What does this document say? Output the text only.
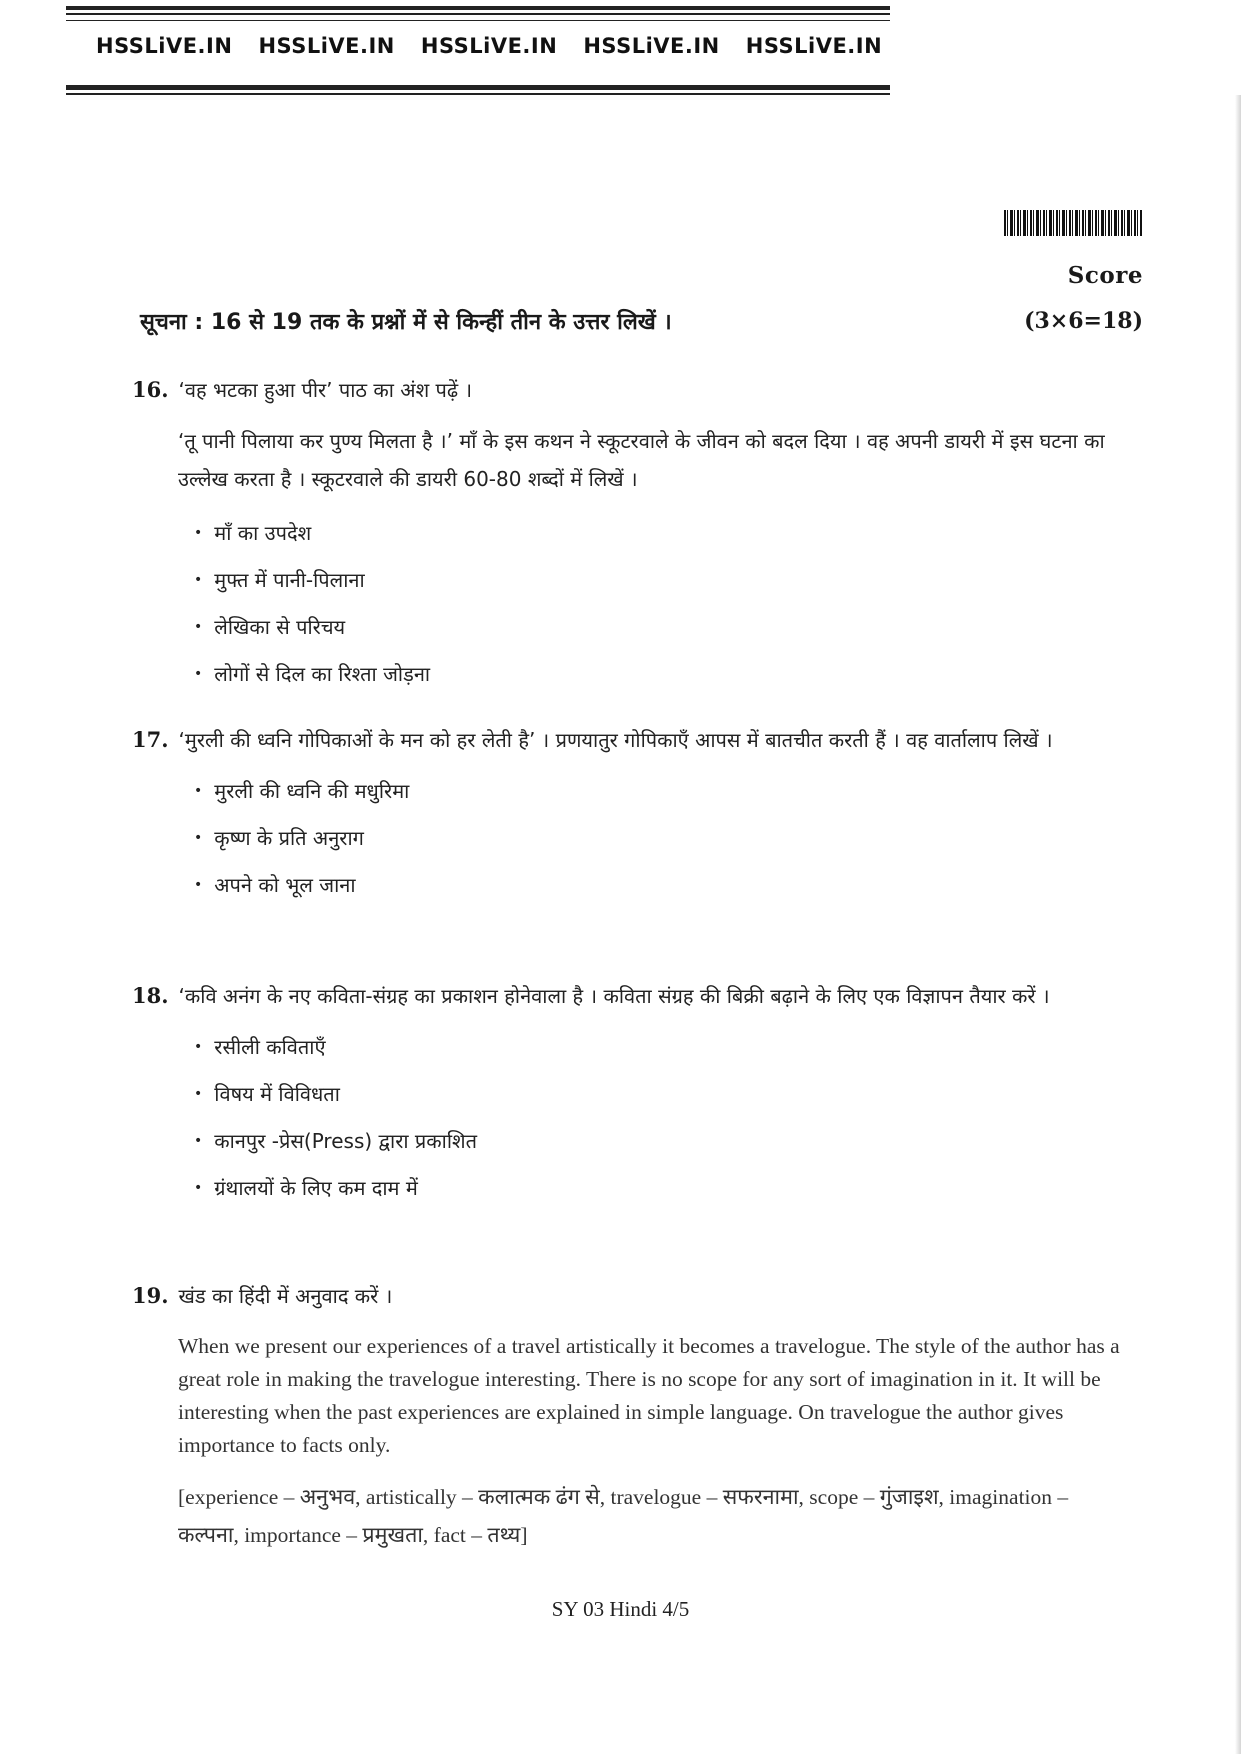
HSSLiVE.IN HSSLiVE.IN HSSLiVE.IN HSSLiVE.IN HSSLiVE.IN
Score
(3×6=18)
सूचना : 16 से 19 तक के प्रश्नों में से किन्हीं तीन के उत्तर लिखें ।
16. ‘वह भटका हुआ पीर’ पाठ का अंश पढ़ें ।
‘तू पानी पिलाया कर पुण्य मिलता है ।’ माँ के इस कथन ने स्कूटरवाले के जीवन को बदल दिया । वह अपनी डायरी में इस घटना का उल्लेख करता है । स्कूटरवाले की डायरी 60-80 शब्दों में लिखें ।
• माँ का उपदेश
• मुफ्त में पानी-पिलाना
• लेखिका से परिचय
• लोगों से दिल का रिश्ता जोड़ना
17. ‘मुरली की ध्वनि गोपिकाओं के मन को हर लेती है’ । प्रणयातुर गोपिकाएँ आपस में बातचीत करती हैं । वह वार्तालाप लिखें ।
• मुरली की ध्वनि की मधुरिमा
• कृष्ण के प्रति अनुराग
• अपने को भूल जाना
18. ‘कवि अनंग के नए कविता-संग्रह का प्रकाशन होनेवाला है । कविता संग्रह की बिक्री बढ़ाने के लिए एक विज्ञापन तैयार करें ।
• रसीली कविताएँ
• विषय में विविधता
• कानपुर -प्रेस(Press) द्वारा प्रकाशित
• ग्रंथालयों के लिए कम दाम में
19. खंड का हिंदी में अनुवाद करें ।
When we present our experiences of a travel artistically it becomes a travelogue. The style of the author has a great role in making the travelogue interesting. There is no scope for any sort of imagination in it. It will be interesting when the past experiences are explained in simple language. On travelogue the author gives importance to facts only.
[experience – अनुभव, artistically – कलात्मक ढंग से, travelogue – सफरनामा, scope – गुंजाइश, imagination – कल्पना, importance – प्रमुखता, fact – तथ्य]
SY 03 Hindi 4/5
